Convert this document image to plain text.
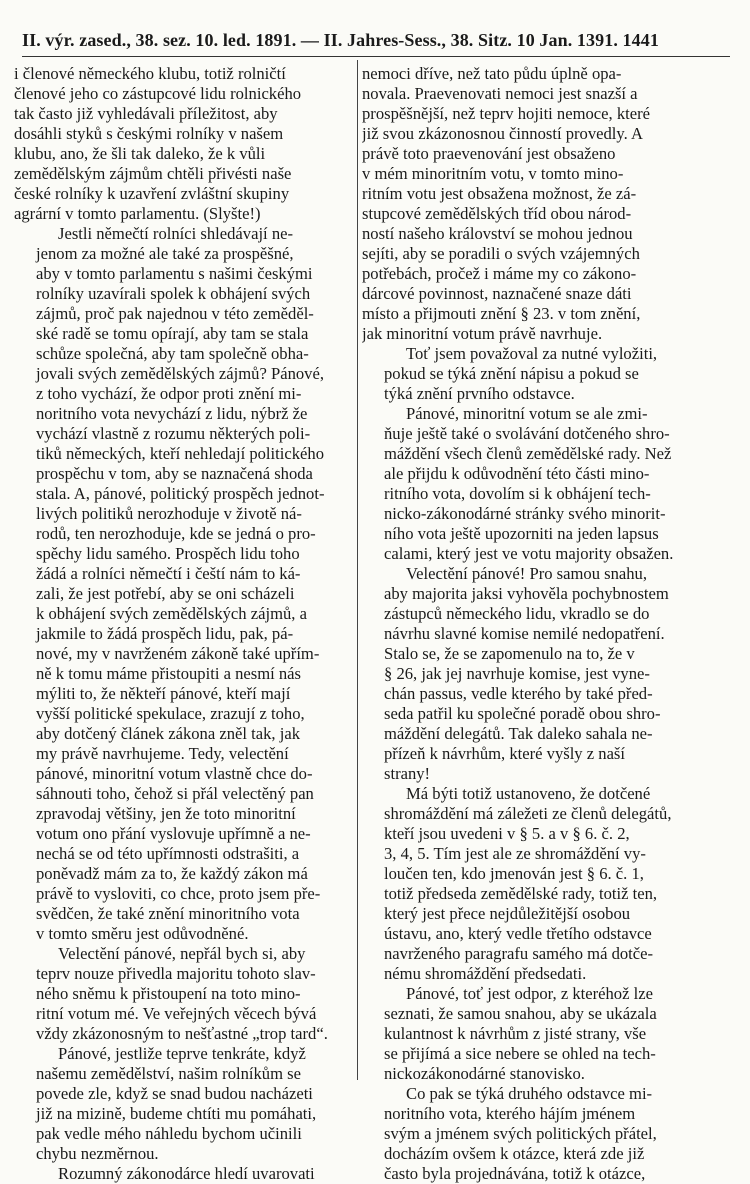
II. výr. zased., 38. sez. 10. led. 1891. — II. Jahres-Sess., 38. Sitz. 10 Jan. 1391. 1441

i členové německého klubu, totiž rolničtí
členové jeho co zástupcové lidu rolnického
tak často již vyhledávali příležitost, aby
dosáhli styků s českými rolníky v našem
klubu, ano, že šli tak daleko, že k vůli
zemědělským zájmům chtěli přivésti naše
české rolníky k uzavření zvláštní skupiny
agrární v tomto parlamentu. (Slyšte!)

Jestli němečtí rolníci shledávají ne-
jenom za možné ale také za prospěšné,
aby v tomto parlamentu s našimi českými
rolníky uzavírali spolek k obhájení svých
zájmů, proč pak najednou v této zeměděl-
ské radě se tomu opírají, aby tam se stala
schůze společná, aby tam společně obha-
jovali svých zemědělských zájmů? Pánové,
z toho vychází, že odpor proti znění mi-
noritního vota nevychází z lidu, nýbrž že
vychází vlastně z rozumu některých poli-
tiků německých, kteří nehledají politického
prospěchu v tom, aby se naznačená shoda
stala. A, pánové, politický prospěch jednot-
livých politiků nerozhoduje v životě ná-
rodů, ten nerozhoduje, kde se jedná o pro-
spěchy lidu samého. Prospěch lidu toho
žádá a rolníci němečtí i čeští nám to ká-
zali, že jest potřebí, aby se oni scházeli
k obhájení svých zemědělských zájmů, a
jakmile to žádá prospěch lidu, pak, pá-
nové, my v navrženém zákoně také upřím-
ně k tomu máme přistoupiti a nesmí nás
mýliti to, že někteří pánové, kteří mají
vyšší politické spekulace, zrazují z toho,
aby dotčený článek zákona zněl tak, jak
my právě navrhujeme. Tedy, velectění
pánové, minoritní votum vlastně chce do-
sáhnouti toho, čehož si přál velectěný pan
zpravodaj většiny, jen že toto minoritní
votum ono přání vyslovuje upřímně a ne-
nechá se od této upřímnosti odstrašiti, a
poněvadž mám za to, že každý zákon má
právě to vysloviti, co chce, proto jsem pře-
svědčen, že také znění minoritního vota
v tomto směru jest odůvodněné.

Velectění pánové, nepřál bych si, aby
teprv nouze přivedla majoritu tohoto slav-
ného sněmu k přistoupení na toto mino-
ritní votum mé. Ve veřejných věcech bývá
vždy zkázonosným to nešťastné „trop tard“.

Pánové, jestliže teprve tenkráte, když
našemu zemědělství, našim rolníkům se
povede zle, když se snad budou nacházeti
již na mizině, budeme chtíti mu pomáhati,
pak vedle mého náhledu bychom učinili
chybu nezměrnou.

Rozumný zákonodárce hledí uvarovati

nemoci dříve, než tato půdu úplně opa-
novala. Praevenovati nemoci jest snazší a
prospěšnější, než teprv hojiti nemoce, které
již svou zkázonosnou činností provedly. A
právě toto praevenování jest obsaženo
v mém minoritním votu, v tomto mino-
ritním votu jest obsažena možnost, že zá-
stupcové zemědělských tříd obou národ-
ností našeho království se mohou jednou
sejíti, aby se poradili o svých vzájemných
potřebách, pročež i máme my co zákono-
dárcové povinnost, naznačené snaze dáti
místo a přijmouti znění § 23. v tom znění,
jak minoritní votum právě navrhuje.

Toť jsem považoval za nutné vyložiti,
pokud se týká znění nápisu a pokud se
týká znění prvního odstavce.

Pánové, minoritní votum se ale zmi-
ňuje ještě také o svolávání dotčeného shro-
máždění všech členů zemědělské rady. Než
ale přijdu k odůvodnění této části mino-
ritního vota, dovolím si k obhájení tech-
nicko-zákonodárné stránky svého minorit-
ního vota ještě upozorniti na jeden lapsus
calami, který jest ve votu majority obsažen.

Velectění pánové! Pro samou snahu,
aby majorita jaksi vyhověla pochybnostem
zástupců německého lidu, vkradlo se do
návrhu slavné komise nemilé nedopatření.
Stalo se, že se zapomenulo na to, že v
§ 26, jak jej navrhuje komise, jest vyne-
chán passus, vedle kterého by také před-
seda patřil ku společné poradě obou shro-
máždění delegátů. Tak daleko sahala ne-
přízeň k návrhům, které vyšly z naší
strany!

Má býti totiž ustanoveno, že dotčené
shromáždění má záležeti ze členů delegátů,
kteří jsou uvedeni v § 5. a v § 6. č. 2,
3, 4, 5. Tím jest ale ze shromáždění vy-
loučen ten, kdo jmenován jest § 6. č. 1,
totiž předseda zemědělské rady, totiž ten,
který jest přece nejdůležitější osobou
ústavu, ano, který vedle třetího odstavce
navrženého paragrafu samého má dotče-
nému shromáždění předsedati.

Pánové, toť jest odpor, z kteréhož lze
seznati, že samou snahou, aby se ukázala
kulantnost k návrhům z jisté strany, vše
se přijímá a sice nebere se ohled na tech-
nickozákonodárné stanovisko.

Co pak se týká druhého odstavce mi-
noritního vota, kterého hájím jménem
svým a jménem svých politických přátel,
docházím ovšem k otázce, která zde již
často byla projednávána, totiž k otázce,
